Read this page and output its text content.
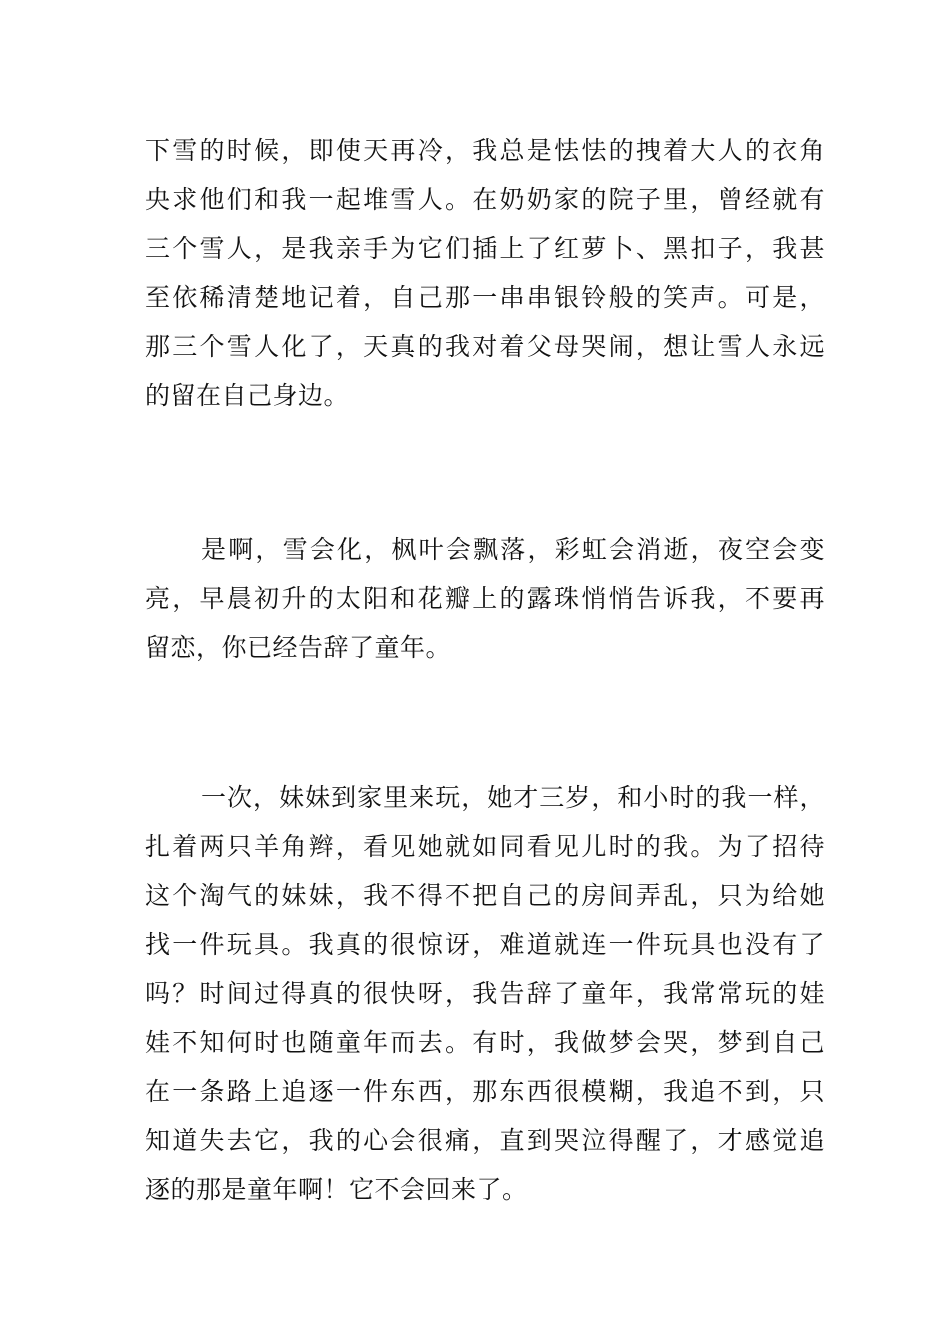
下雪的时候，即使天再冷，我总是怯怯的拽着大人的衣角
央求他们和我一起堆雪人。在奶奶家的院子里，曾经就有
三个雪人，是我亲手为它们插上了红萝卜、黑扣子，我甚
至依稀清楚地记着，自己那一串串银铃般的笑声。可是，
那三个雪人化了，天真的我对着父母哭闹，想让雪人永远
的留在自己身边。
是啊，雪会化，枫叶会飘落，彩虹会消逝，夜空会变
亮，早晨初升的太阳和花瓣上的露珠悄悄告诉我，不要再
留恋，你已经告辞了童年。
一次，妹妹到家里来玩，她才三岁，和小时的我一样，
扎着两只羊角辫，看见她就如同看见儿时的我。为了招待
这个淘气的妹妹，我不得不把自己的房间弄乱，只为给她
找一件玩具。我真的很惊讶，难道就连一件玩具也没有了
吗？时间过得真的很快呀，我告辞了童年，我常常玩的娃
娃不知何时也随童年而去。有时，我做梦会哭，梦到自己
在一条路上追逐一件东西，那东西很模糊，我追不到，只
知道失去它，我的心会很痛，直到哭泣得醒了，才感觉追
逐的那是童年啊！它不会回来了。
